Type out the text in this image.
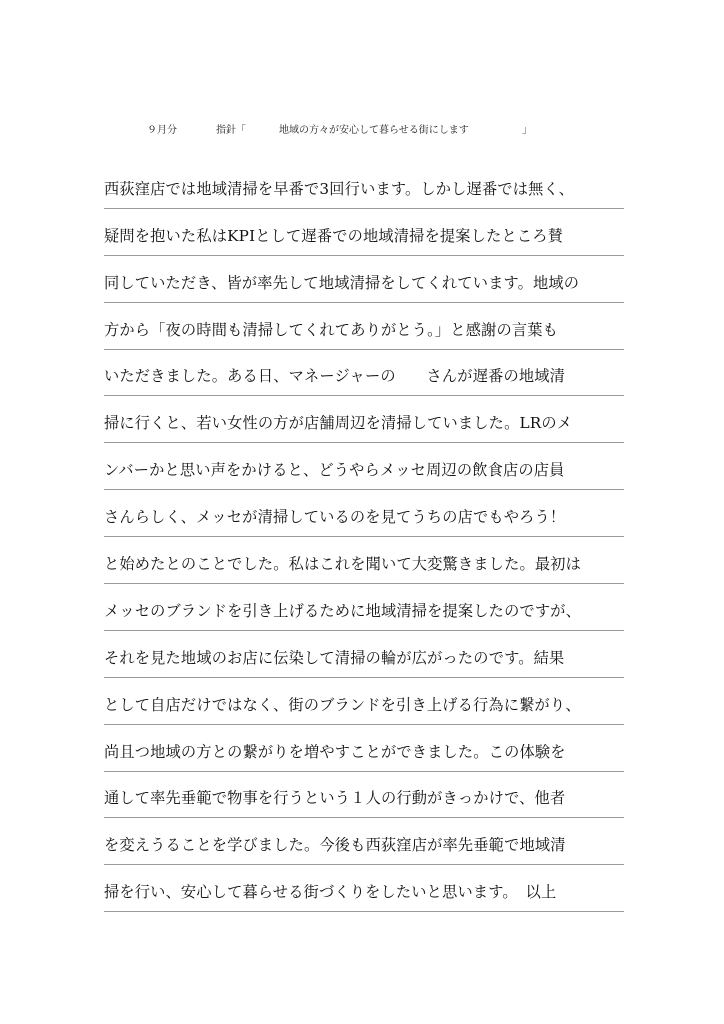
９月分	指針「	地域の方々が安心して暮らせる街にします	」
西荻窪店では地域清掃を早番で3回行います。しかし遅番では無く、
疑問を抱いた私はKPIとして遅番での地域清掃を提案したところ賛
同していただき、皆が率先して地域清掃をしてくれています。地域の
方から「夜の時間も清掃してくれてありがとう。」と感謝の言葉も
いただきました。ある日、マネージャーの　　さんが遅番の地域清
掃に行くと、若い女性の方が店舗周辺を清掃していました。LRのメ
ンバーかと思い声をかけると、どうやらメッセ周辺の飲食店の店員
さんらしく、メッセが清掃しているのを見てうちの店でもやろう！
と始めたとのことでした。私はこれを聞いて大変驚きました。最初は
メッセのブランドを引き上げるために地域清掃を提案したのですが、
それを見た地域のお店に伝染して清掃の輪が広がったのです。結果
として自店だけではなく、街のブランドを引き上げる行為に繋がり、
尚且つ地域の方との繋がりを増やすことができました。この体験を
通して率先垂範で物事を行うという１人の行動がきっかけで、他者
を変えうることを学びました。今後も西荻窪店が率先垂範で地域清
掃を行い、安心して暮らせる街づくりをしたいと思います。　以上
